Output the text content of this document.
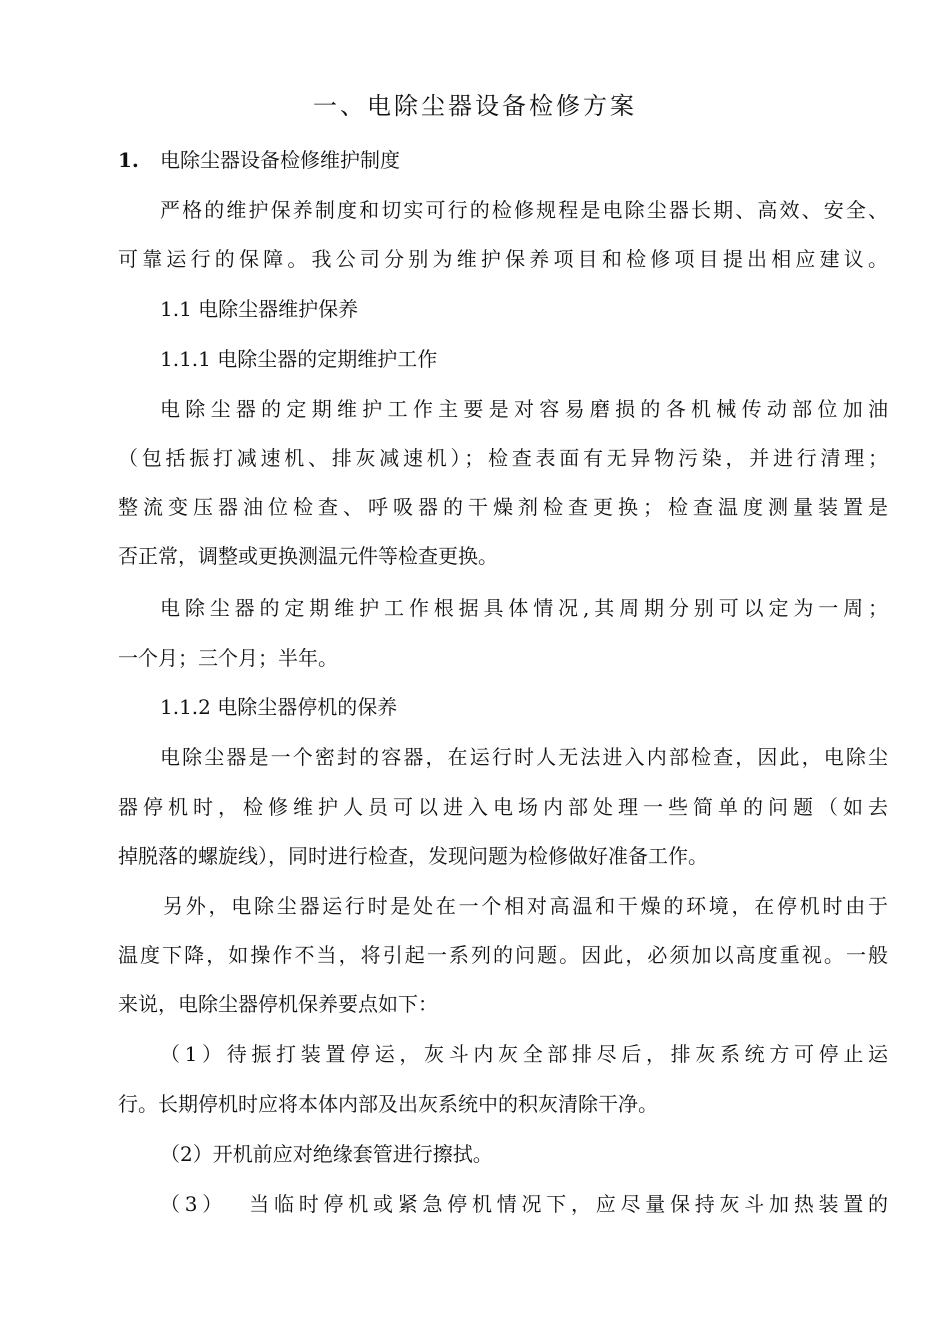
一、电除尘器设备检修方案
1. 电除尘器设备检修维护制度
严格的维护保养制度和切实可行的检修规程是电除尘器长期、高效、安全、
可靠运行的保障。我公司分别为维护保养项目和检修项目提出相应建议。
1.1 电除尘器维护保养
1.1.1 电除尘器的定期维护工作
电除尘器的定期维护工作主要是对容易磨损的各机械传动部位加油
（包括振打减速机、排灰减速机）；检查表面有无异物污染，并进行清理；
整流变压器油位检查、呼吸器的干燥剂检查更换；检查温度测量装置是
否正常，调整或更换测温元件等检查更换。
电除尘器的定期维护工作根据具体情况,其周期分别可以定为一周；
一个月；三个月；半年。
1.1.2 电除尘器停机的保养
电除尘器是一个密封的容器，在运行时人无法进入内部检查，因此，电除尘
器停机时，检修维护人员可以进入电场内部处理一些简单的问题（如去
掉脱落的螺旋线），同时进行检查，发现问题为检修做好准备工作。
另外，电除尘器运行时是处在一个相对高温和干燥的环境，在停机时由于
温度下降，如操作不当，将引起一系列的问题。因此，必须加以高度重视。一般
来说，电除尘器停机保养要点如下：
（1）待振打装置停运，灰斗内灰全部排尽后，排灰系统方可停止运
行。长期停机时应将本体内部及出灰系统中的积灰清除干净。
（2）开机前应对绝缘套管进行擦拭。
（3）  当临时停机或紧急停机情况下，应尽量保持灰斗加热装置的
